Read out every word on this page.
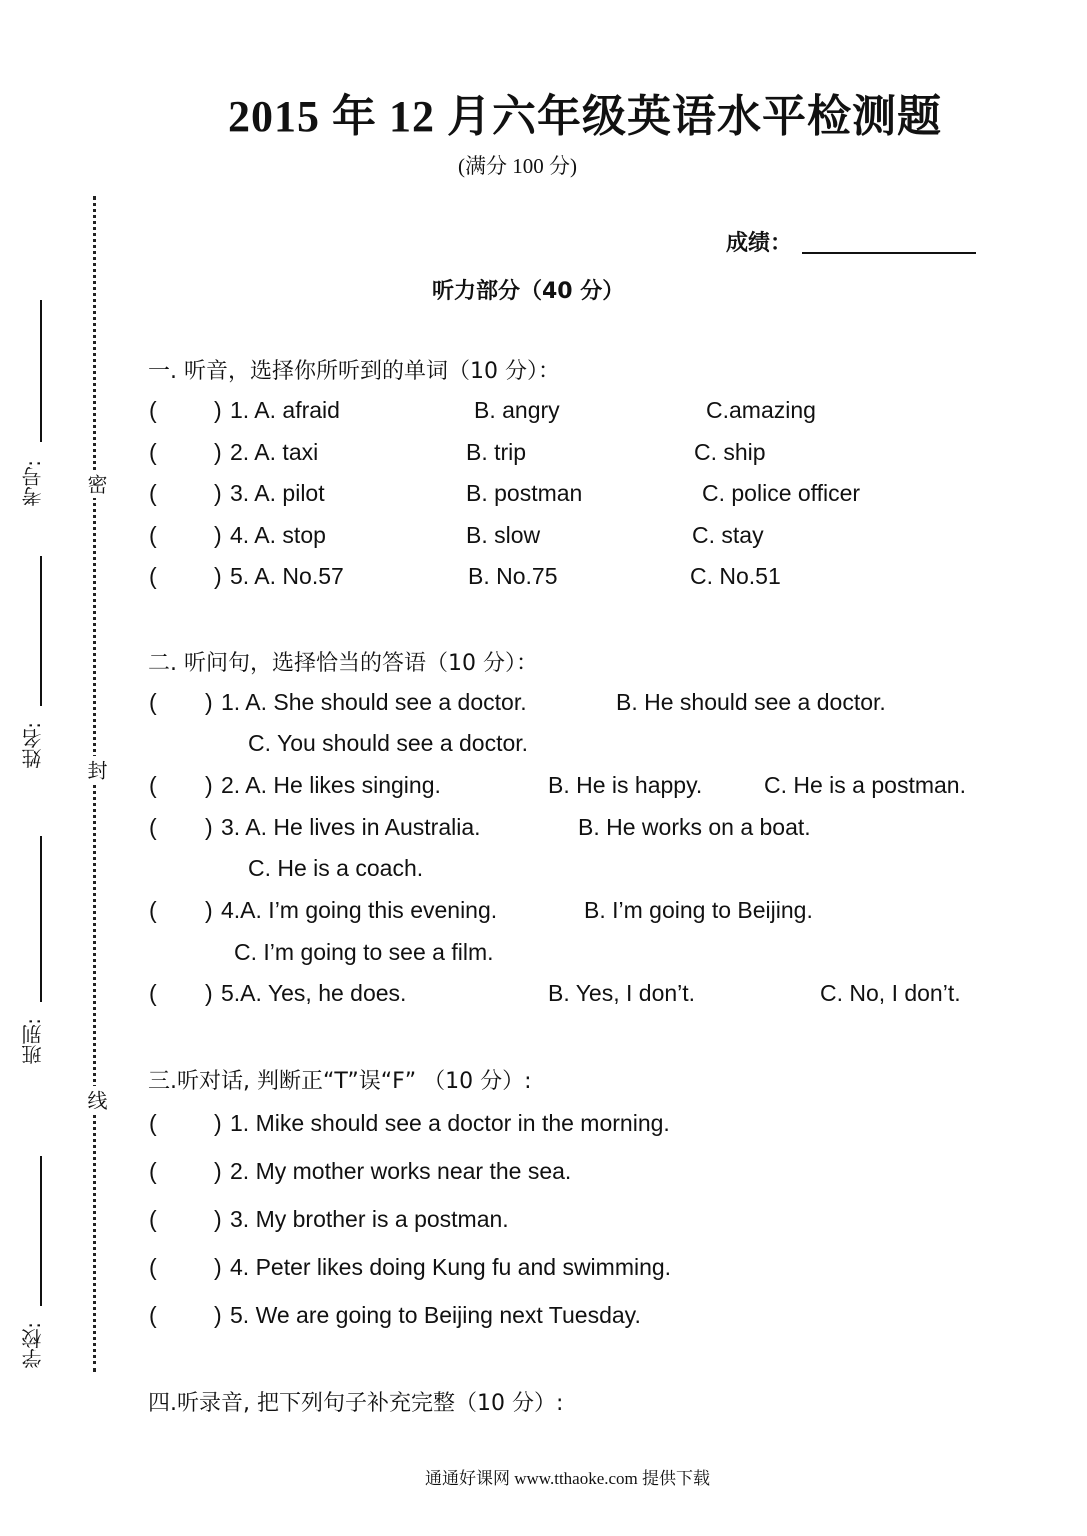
密
封
线
考号:
姓名:
班别:
学校:
2015 年 12 月六年级英语水平检测题
(满分 100 分)
成绩：
听力部分（40 分）
一. 听音，选择你所听到的单词（10 分）：
( ) 1. A. afraid	B. angry	C.amazing
( ) 2. A. taxi	B. trip	C. ship
( ) 3. A. pilot	B. postman	C. police officer
( ) 4. A. stop	B. slow	C. stay
( ) 5. A. No.57	B. No.75	C. No.51
二. 听问句，选择恰当的答语（10 分）：
( ) 1. A. She should see a doctor.	B. He should see a doctor.
C. You should see a doctor.
( ) 2. A. He likes singing.	B. He is happy.	C. He is a postman.
( ) 3. A. He lives in Australia.	B. He works on a boat.
C. He is a coach.
( ) 4.A. I’m going this evening.	B. I’m going to Beijing.
C. I’m going to see a film.
( ) 5.A. Yes, he does.	B. Yes, I don’t.	C. No, I don’t.
三.听对话, 判断正“T”误“F” （10 分）:
( ) 1. Mike should see a doctor in the morning.
( ) 2. My mother works near the sea.
( ) 3. My brother is a postman.
( ) 4. Peter likes doing Kung fu and swimming.
( ) 5. We are going to Beijing next Tuesday.
四.听录音, 把下列句子补充完整（10 分）:
通通好课网 www.tthaoke.com 提供下载
